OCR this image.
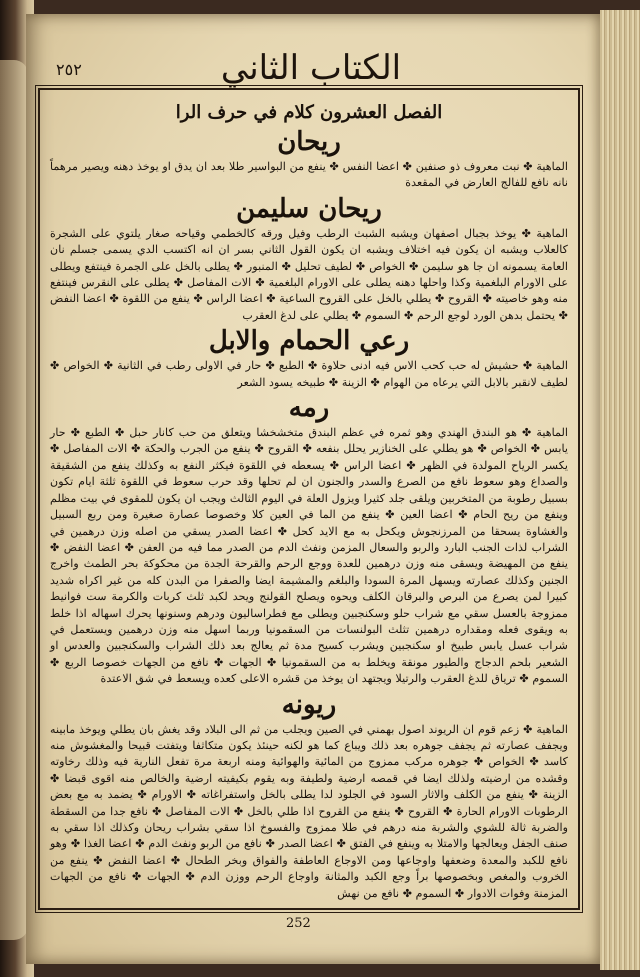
٢٥٢	الكتاب الثاني
الفصل العشرون كلام في حرف الرا
ريحان

الماهية ✤ نبت معروف ذو صنفين ✤ اعضا النفس ✤ ينفع من البواسير طلا بعد ان يدق او يوخذ دهنه ويصير مرهماً نانه نافع للفالج العارض في المقعدة

ريحان سليمن

الماهية ✤ يوخذ بجبال اصفهان ويشبه الشبث الرطب وفيل ورقه كالخطمي وقياحه صغار يلتوي على الشجرة كالعلاب ويشبه ان يكون فيه اختلاف ويشبه ان يكون القول الثاني بسر ان انه اكتسب الدي يسمى جسلم نان العامة يسمونه ان جا هو سليمن ✤ الخواص ✤ لطيف تحليل ✤ المنبور ✤ يطلى بالخل على الجمرة فينتفع ويطلى على الاورام البلغمية وكذا واحلها دهنه يطلى على الاورام البلغمية ✤ الات المفاصل ✤ يطلى على النقرس فينتفع منه وهو خاصيته ✤ القروح ✤ يطلي بالخل على القروح الساعية ✤ اعضا الراس ✤ ينفع من اللقوة ✤ اعضا النفض ✤ يحتمل بدهن الورد لوجع الرحم ✤ السموم ✤ يطلي على لدغ العقرب

رعي الحمام والابل

الماهية ✤ حشيش له حب كحب الاس فيه ادنى حلاوة ✤ الطبع ✤ حار في الاولى رطب في الثانية ✤ الخواص ✤ لطيف لانقبر بالابل التي يرعاه من الهوام ✤ الزينة ✤ طبيخه يسود الشعر

رمه

الماهية ✤ هو البندق الهندي وهو ثمره في عظم البندق متخشخشا ويتعلق من حب كانار حبل ✤ الطبع ✤ حار يابس ✤ الخواص ✤ هو يطلي على الخنازير يحلل بنفعه ✤ القروح ✤ ينفع من الجرب والحكة ✤ الات المفاصل ✤ يكسر الرياح المولدة في الظهر ✤ اعضا الراس ✤ يسعطه في اللقوة فيكثر النفع به وكذلك ينفع من الشقيقة والصداع وهو سعوط نافع من الصرع والسدر والجنون ان لم تحلها وقد حرب سعوط في اللقوة ثلثة ايام تكون بسبيل رطوبة من المتخربين ويلقى جلد كثيرا ويزول العلة في اليوم الثالث ويجب ان يكون للمقوى في بيت مظلم وينفع من ريح الحام ✤ اعضا العين ✤ ينفع من الما في العين كلا وخصوصا عصارة صغيرة ومن ربع السبيل والغشاوة يسحقا من المرزنجوش ويكحل به مع الايد كحل ✤ اعضا الصدر يسقي من اصله وزن درهمين في الشراب لذات الجنب البارد والربو والسعال المزمن ونفث الدم من الصدر مما فيه من العفن ✤ اعضا النفض ✤ ينفع من المهيضة ويسقى منه وزن درهمين للعدة ووجع الرحم والقرحة الجدة من محكوكة بحر الطمث واخرج الجنين وكذلك عصارته ويسهل المرة السودا والبلغم والمشيمة ايضا والصفرا من البدن كله من غير اكراه شديد كبيرا لمن يصرع من البرص والبرقان الكلف ويحوه ويصلح القولنج ويحد لكبد ثلث كربات والكرمة ست فوانيط ممزوجة بالعسل سقي مع شراب حلو وسكنجبين ويطلى مع فطراساليون ودرهم وسنونها يحرك اسهاله اذا خلط به ويقوى فعله ومقداره درهمين تثلث البولنسات من السقمونيا وربما اسهل منه وزن درهمين ويستعمل في شراب عسل يابس طبيخ او سكنجبين ويشرب كسيح مدة ثم يعالج بعد ذلك الشراب والسكنجبين والعدس او الشعير بلحم الدجاج والطيور مونقة ويخلط به من السقمونيا ✤ الجهات ✤ نافع من الجهات خصوصا الربع ✤ السموم ✤ ترياق للدغ العقرب والرتيلا ويجتهد ان يوخذ من قشره الاعلى كعده ويسعط في شق الاعتدة

ريونه

الماهية ✤ زعم قوم ان الريوند اصول بهمني في الصين ويجلب من ثم الى البلاد وقد يغش بان يطلي ويوخذ مابينه ويجفف عصارته ثم يجفف جوهره بعد ذلك ويباع كما هو لكنه حينئذ يكون متكاثفا ويتفتت قبيحا والمغشوش منه كاسد ✤ الخواص ✤ جوهره مركب ممزوج من المائية والهوائية ومنه اربعة مرة تفعل النارية فيه وذلك رخاوته وقشده من ارضيته ولذلك ايضا في قمصه ارضية ولطيفة وبه يقوم بكيفيته ارضية والخالص منه اقوى قبضا ✤ الزينة ✤ ينفع من الكلف والاثار السود في الجلود لدا يطلى بالخل واستفراغاته ✤ الاورام ✤ يضمد به مع بعض الرطوبات الاورام الحارة ✤ القروح ✤ ينفع من القروح اذا طلي بالخل ✤ الات المفاصل ✤ نافع جدا من السقطة والضربة ثالة للشوي والشربة منه درهم في طلا ممزوج والفسوخ اذا سقي بشراب ريحان وكذلك اذا سقي به صنف الجفل ويعالجها والامتلا به وينفع في الفتق ✤ اعضا الصدر ✤ نافع من الربو ونفث الدم ✤ اعضا الغذا ✤ وهو نافع للكبد والمعدة وضعفها واوجاعها ومن الاوجاع العاطفة والفواق وبخر الطحال ✤ اعضا النفض ✤ ينفع من الخروب والمغص وبخصوصها براً وجع الكبد والمثانة واوجاع الرحم ووزن الدم ✤ الجهات ✤ نافع من الجهات المزمنة وفوات الادوار ✤ السموم ✤ نافع من نهش

252
